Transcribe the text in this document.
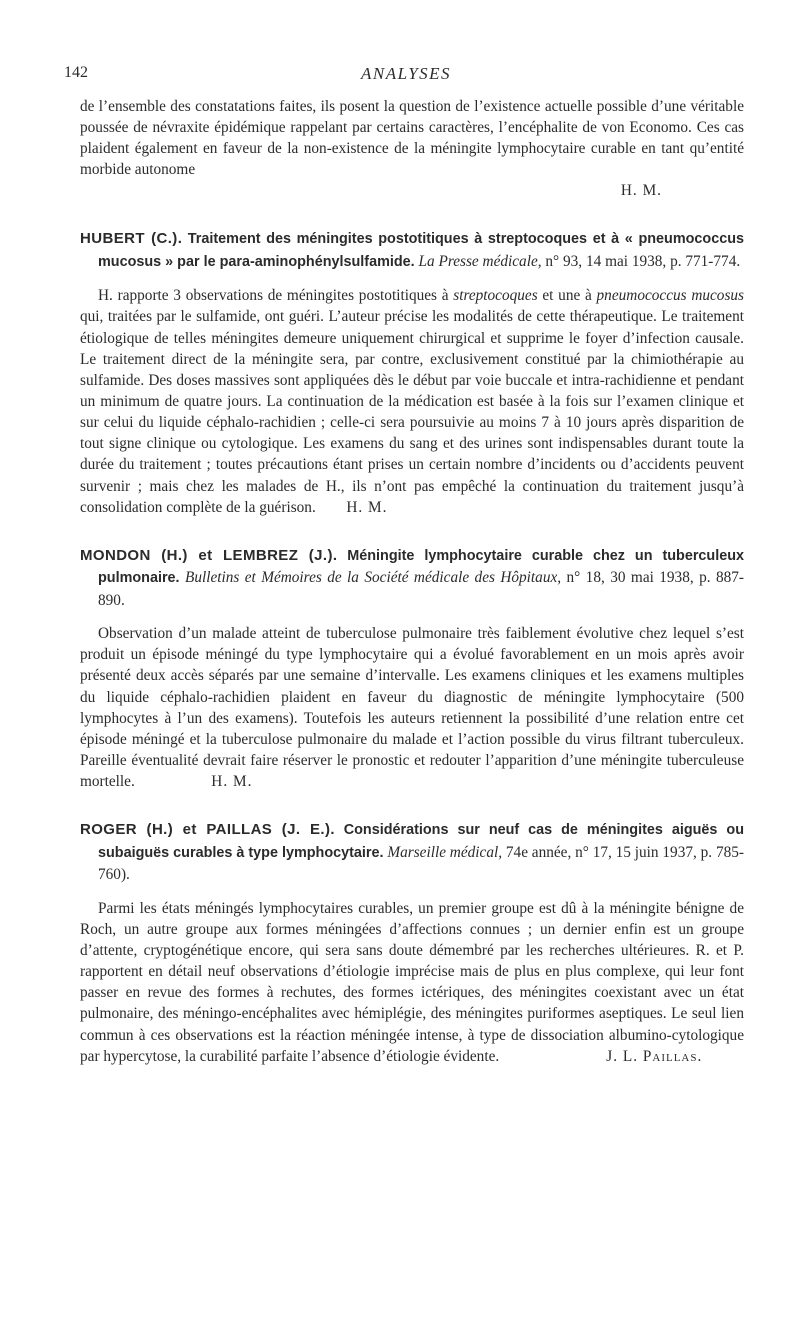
142	ANALYSES

de l’ensemble des constatations faites, ils posent la question de l’existence actuelle possible d’une véritable poussée de névraxite épidémique rappelant par certains caractères, l’encéphalite de von Economo. Ces cas plaident également en faveur de la non-existence de la méningite lymphocytaire curable en tant qu’entité morbide autonome

H. M.

HUBERT (C.). Traitement des méningites postotitiques à streptocoques et à « pneumococcus mucosus » par le para-aminophénylsulfamide. La Presse médicale, n° 93, 14 mai 1938, p. 771-774.

H. rapporte 3 observations de méningites postotitiques à streptocoques et une à pneumococcus mucosus qui, traitées par le sulfamide, ont guéri. L’auteur précise les modalités de cette thérapeutique. Le traitement étiologique de telles méningites demeure uniquement chirurgical et supprime le foyer d’infection causale. Le traitement direct de la méningite sera, par contre, exclusivement constitué par la chimiothérapie au sulfamide. Des doses massives sont appliquées dès le début par voie buccale et intra-rachidienne et pendant un minimum de quatre jours. La continuation de la médication est basée à la fois sur l’examen clinique et sur celui du liquide céphalo-rachidien ; celle-ci sera poursuivie au moins 7 à 10 jours après disparition de tout signe clinique ou cytologique. Les examens du sang et des urines sont indispensables durant toute la durée du traitement ; toutes précautions étant prises un certain nombre d’incidents ou d’accidents peuvent survenir ; mais chez les malades de H., ils n’ont pas empêché la continuation du traitement jusqu’à consolidation complète de la guérison.   H. M.

MONDON (H.) et LEMBREZ (J.). Méningite lymphocytaire curable chez un tuberculeux pulmonaire. Bulletins et Mémoires de la Société médicale des Hôpitaux, n° 18, 30 mai 1938, p. 887-890.

Observation d’un malade atteint de tuberculose pulmonaire très faiblement évolutive chez lequel s’est produit un épisode méningé du type lymphocytaire qui a évolué favorablement en un mois après avoir présenté deux accès séparés par une semaine d’intervalle. Les examens cliniques et les examens multiples du liquide céphalo-rachidien plaident en faveur du diagnostic de méningite lymphocytaire (500 lymphocytes à l’un des examens). Toutefois les auteurs retiennent la possibilité d’une relation entre cet épisode méningé et la tuberculose pulmonaire du malade et l’action possible du virus filtrant tuberculeux. Pareille éventualité devrait faire réserver le pronostic et redouter l’apparition d’une méningite tuberculeuse mortelle.     	H. M.

ROGER (H.) et PAILLAS (J. E.). Considérations sur neuf cas de méningites aiguës ou subaiguës curables à type lymphocytaire. Marseille médical, 74e année, n° 17, 15 juin 1937, p. 785-760).

Parmi les états méningés lymphocytaires curables, un premier groupe est dû à la méningite bénigne de Roch, un autre groupe aux formes méningées d’affections connues ; un dernier enfin est un groupe d’attente, cryptogénétique encore, qui sera sans doute démembré par les recherches ultérieures. R. et P. rapportent en détail neuf observations d’étiologie imprécise mais de plus en plus complexe, qui leur font passer en revue des formes à rechutes, des formes ictériques, des méningites coexistant avec un état pulmonaire, des méningo-encéphalites avec hémiplégie, des méningites puriformes aseptiques. Le seul lien commun à ces observations est la réaction méningée intense, à type de dissociation albumino-cytologique par hypercytose, la curabilité parfaite l’absence d’étiologie évidente.       	J. L. Paillas.
